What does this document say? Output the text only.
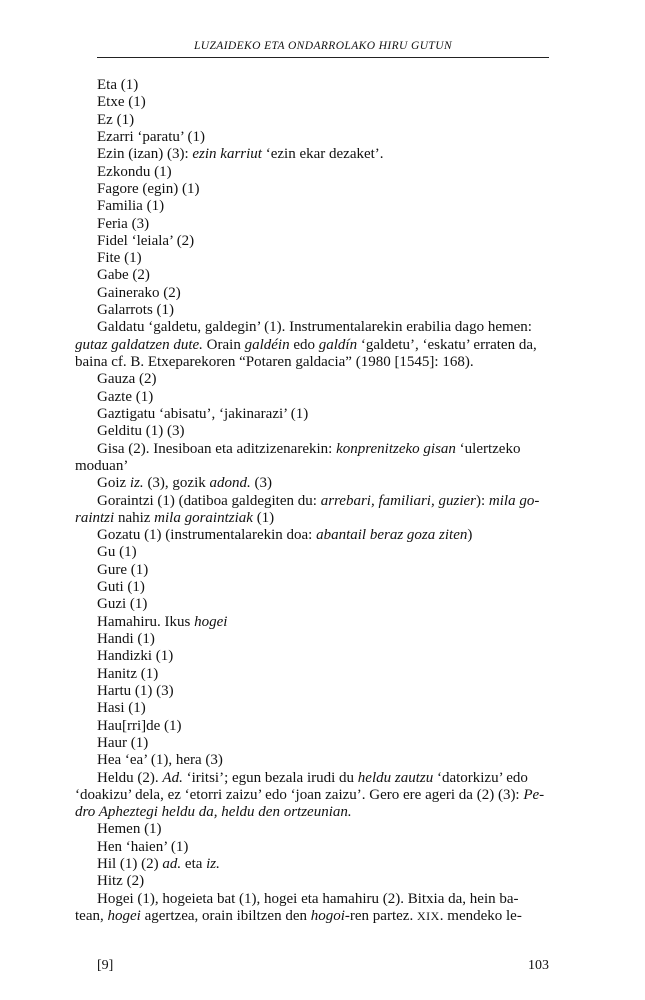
LUZAIDEKO ETA ONDARROLAKO HIRU GUTUN
Eta (1)
Etxe (1)
Ez (1)
Ezarri ‘paratu’ (1)
Ezin (izan) (3): ezin karriut ‘ezin ekar dezaket’.
Ezkondu (1)
Fagore (egin) (1)
Familia (1)
Feria (3)
Fidel ‘leiala’ (2)
Fite (1)
Gabe (2)
Gainerako (2)
Galarrots (1)
Galdatu ‘galdetu, galdegin’ (1). Instrumentalarekin erabilia dago hemen:
gutaz galdatzen dute. Orain galdéin edo galdín ‘galdetu’, ‘eskatu’ erraten da,
baina cf. B. Etxeparekoren “Potaren galdacia” (1980 [1545]: 168).
Gauza (2)
Gazte (1)
Gaztigatu ‘abisatu’, ‘jakinarazi’ (1)
Gelditu (1) (3)
Gisa (2). Inesiboan eta aditzizenarekin: konprenitzeko gisan ‘ulertzeko
moduan’
Goiz iz. (3), gozik adond. (3)
Goraintzi (1) (datiboa galdegiten du: arrebari, familiari, guzier): mila go-
raintzi nahiz mila goraintziak (1)
Gozatu (1) (instrumentalarekin doa: abantail beraz goza ziten)
Gu (1)
Gure (1)
Guti (1)
Guzi (1)
Hamahiru. Ikus hogei
Handi (1)
Handizki (1)
Hanitz (1)
Hartu (1) (3)
Hasi (1)
Hau[rri]de (1)
Haur (1)
Hea ‘ea’ (1), hera (3)
Heldu (2). Ad. ‘iritsi’; egun bezala irudi du heldu zautzu ‘datorkizu’ edo
‘doakizu’ dela, ez ‘etorri zaizu’ edo ‘joan zaizu’. Gero ere ageri da (2) (3): Pe-
dro Apheztegi heldu da, heldu den ortzeunian.
Hemen (1)
Hen ‘haien’ (1)
Hil (1) (2) ad. eta iz.
Hitz (2)
Hogei (1), hogeieta bat (1), hogei eta hamahiru (2). Bitxia da, hein ba-
tean, hogei agertzea, orain ibiltzen den hogoi-ren partez. XIX. mendeko le-
[9]	103
